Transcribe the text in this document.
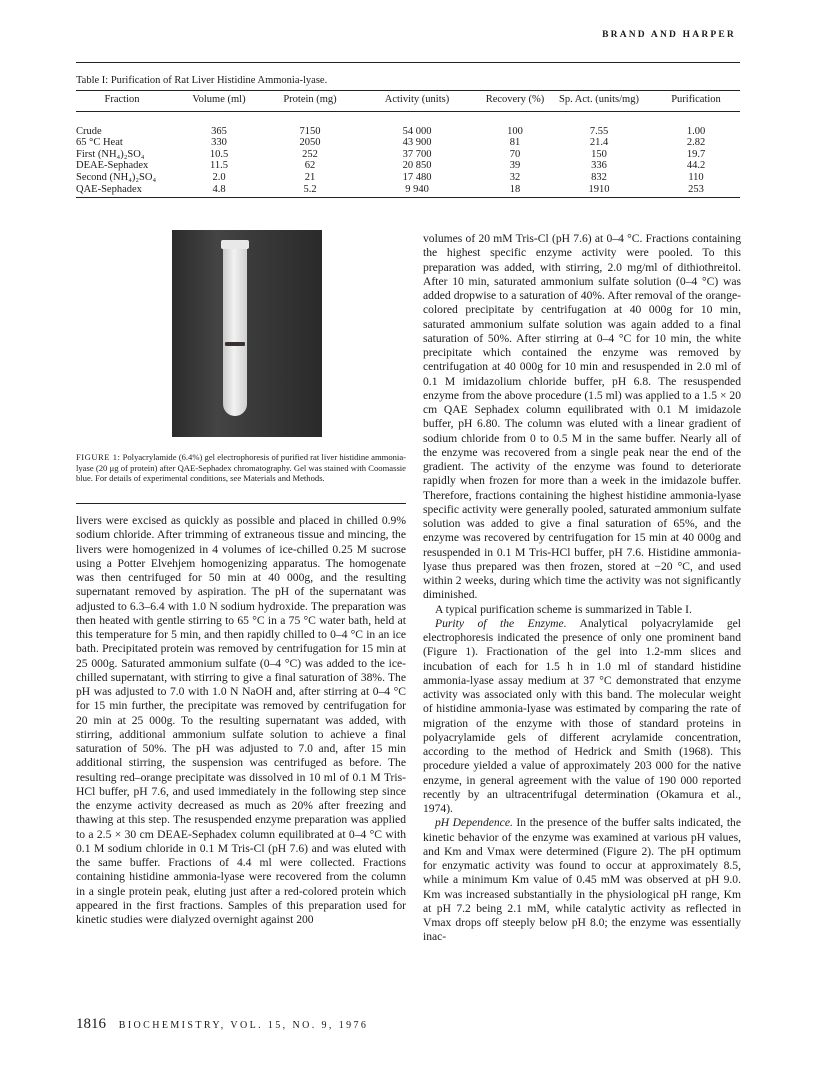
BRAND AND HARPER
Table I: Purification of Rat Liver Histidine Ammonia-lyase.
Fraction	Volume (ml)	Protein (mg)	Activity (units)	Recovery (%)	Sp. Act. (units/mg)	Purification
Crude	365	7150	54 000	100	7.55	1.00
65 °C Heat	330	2050	43 900	81	21.4	2.82
First (NH₄)₂SO₄	10.5	252	37 700	70	150	19.7
DEAE-Sephadex	11.5	62	20 850	39	336	44.2
Second (NH₄)₂SO₄	2.0	21	17 480	32	832	110
QAE-Sephadex	4.8	5.2	9 940	18	1910	253
FIGURE 1: Polyacrylamide (6.4%) gel electrophoresis of purified rat liver histidine ammonia-lyase (20 μg of protein) after QAE-Sephadex chromatography. Gel was stained with Coomassie blue. For details of experimental conditions, see Materials and Methods.

livers were excised as quickly as possible and placed in chilled 0.9% sodium chloride. After trimming of extraneous tissue and mincing, the livers were homogenized in 4 volumes of ice-chilled 0.25 M sucrose using a Potter Elvehjem homogenizing apparatus. The homogenate was then centrifuged for 50 min at 40 000g, and the resulting supernatant removed by aspiration. The pH of the supernatant was adjusted to 6.3–6.4 with 1.0 N sodium hydroxide. The preparation was then heated with gentle stirring to 65 °C in a 75 °C water bath, held at this temperature for 5 min, and then rapidly chilled to 0–4 °C in an ice bath. Precipitated protein was removed by centrifugation for 15 min at 25 000g. Saturated ammonium sulfate (0–4 °C) was added to the ice-chilled supernatant, with stirring to give a final saturation of 38%. The pH was adjusted to 7.0 with 1.0 N NaOH and, after stirring at 0–4 °C for 15 min further, the precipitate was removed by centrifugation for 20 min at 25 000g. To the resulting supernatant was added, with stirring, additional ammonium sulfate solution to achieve a final saturation of 50%. The pH was adjusted to 7.0 and, after 15 min additional stirring, the suspension was centrifuged as before. The resulting red–orange precipitate was dissolved in 10 ml of 0.1 M Tris-HCl buffer, pH 7.6, and used immediately in the following step since the enzyme activity decreased as much as 20% after freezing and thawing at this step. The resuspended enzyme preparation was applied to a 2.5 × 30 cm DEAE-Sephadex column equilibrated at 0–4 °C with 0.1 M sodium chloride in 0.1 M Tris-Cl (pH 7.6) and was eluted with the same buffer. Fractions of 4.4 ml were collected. Fractions containing histidine ammonia-lyase were recovered from the column in a single protein peak, eluting just after a red-colored protein which appeared in the first fractions. Samples of this preparation used for kinetic studies were dialyzed overnight against 200

volumes of 20 mM Tris-Cl (pH 7.6) at 0–4 °C. Fractions containing the highest specific enzyme activity were pooled. To this preparation was added, with stirring, 2.0 mg/ml of dithiothreitol. After 10 min, saturated ammonium sulfate solution (0–4 °C) was added dropwise to a saturation of 40%. After removal of the orange-colored precipitate by centrifugation at 40 000g for 10 min, saturated ammonium sulfate solution was again added to a final saturation of 50%. After stirring at 0–4 °C for 10 min, the white precipitate which contained the enzyme was removed by centrifugation at 40 000g for 10 min and resuspended in 2.0 ml of 0.1 M imidazolium chloride buffer, pH 6.8. The resuspended enzyme from the above procedure (1.5 ml) was applied to a 1.5 × 20 cm QAE Sephadex column equilibrated with 0.1 M imidazole buffer, pH 6.80. The column was eluted with a linear gradient of sodium chloride from 0 to 0.5 M in the same buffer. Nearly all of the enzyme was recovered from a single peak near the end of the gradient. The activity of the enzyme was found to deteriorate rapidly when frozen for more than a week in the imidazole buffer. Therefore, fractions containing the highest histidine ammonia-lyase specific activity were generally pooled, saturated ammonium sulfate solution was added to give a final saturation of 65%, and the enzyme was recovered by centrifugation for 15 min at 40 000g and resuspended in 0.1 M Tris-HCl buffer, pH 7.6. Histidine ammonia-lyase thus prepared was then frozen, stored at −20 °C, and used within 2 weeks, during which time the activity was not significantly diminished.

A typical purification scheme is summarized in Table I.

Purity of the Enzyme. Analytical polyacrylamide gel electrophoresis indicated the presence of only one prominent band (Figure 1). Fractionation of the gel into 1.2-mm slices and incubation of each for 1.5 h in 1.0 ml of standard histidine ammonia-lyase assay medium at 37 °C demonstrated that enzyme activity was associated only with this band. The molecular weight of histidine ammonia-lyase was estimated by comparing the rate of migration of the enzyme with those of standard proteins in polyacrylamide gels of different acrylamide concentration, according to the method of Hedrick and Smith (1968). This procedure yielded a value of approximately 203 000 for the native enzyme, in general agreement with the value of 190 000 reported recently by an ultracentrifugal determination (Okamura et al., 1974).

pH Dependence. In the presence of the buffer salts indicated, the kinetic behavior of the enzyme was examined at various pH values, and Km and Vmax were determined (Figure 2). The pH optimum for enzymatic activity was found to occur at approximately 8.5, while a minimum Km value of 0.45 mM was observed at pH 9.0. Km was increased substantially in the physiological pH range, Km at pH 7.2 being 2.1 mM, while catalytic activity as reflected in Vmax drops off steeply below pH 8.0; the enzyme was essentially inac-

1816 BIOCHEMISTRY, VOL. 15, NO. 9, 1976
